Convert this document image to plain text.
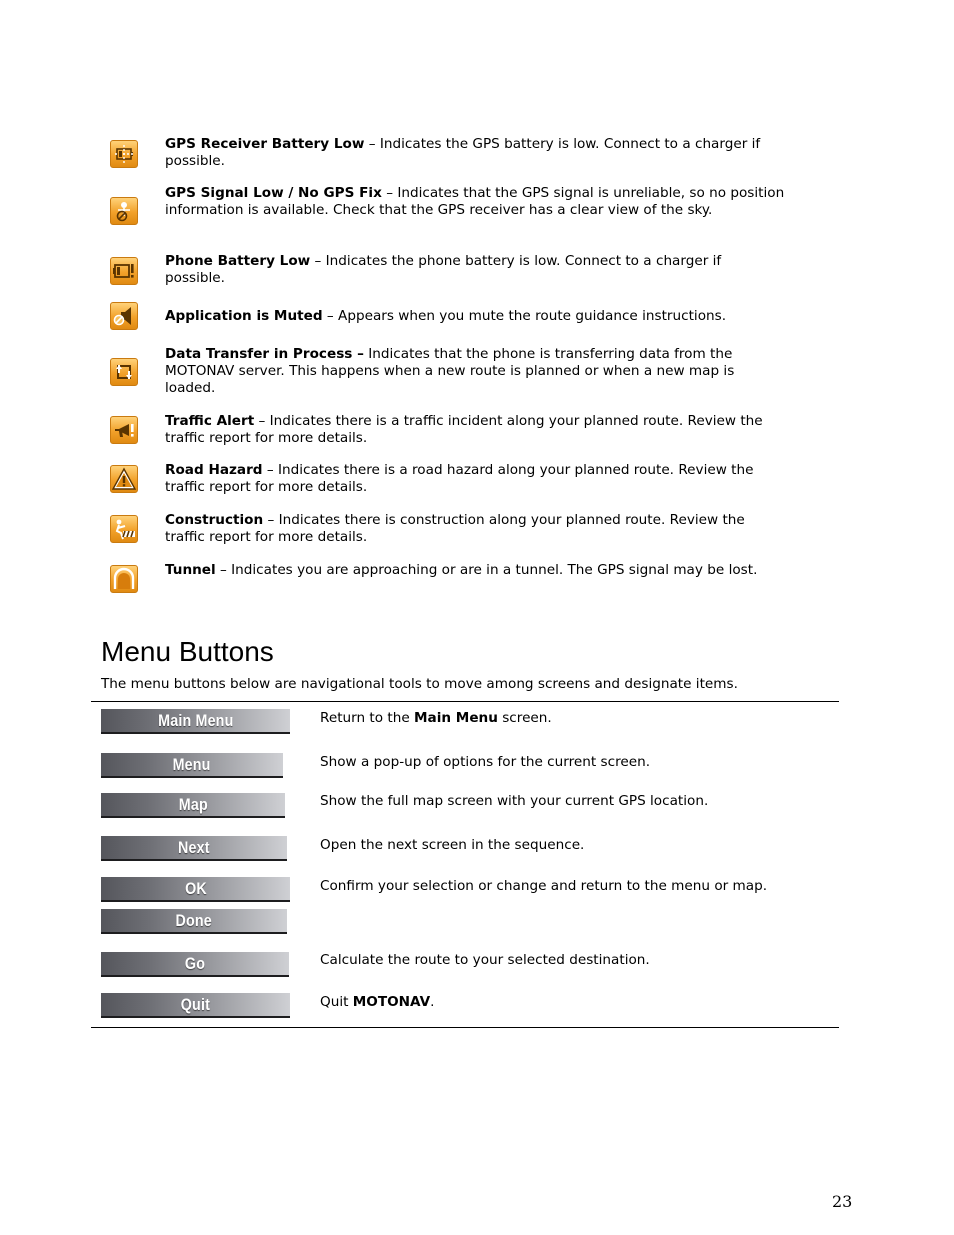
GPS Receiver Battery Low – Indicates the GPS battery is low. Connect to a charger if possible.
GPS Signal Low / No GPS Fix – Indicates that the GPS signal is unreliable, so no position information is available. Check that the GPS receiver has a clear view of the sky.
Phone Battery Low – Indicates the phone battery is low. Connect to a charger if possible.
Application is Muted – Appears when you mute the route guidance instructions.
Data Transfer in Process – Indicates that the phone is transferring data from the MOTONAV server. This happens when a new route is planned or when a new map is loaded.
Traffic Alert – Indicates there is a traffic incident along your planned route. Review the traffic report for more details.
Road Hazard – Indicates there is a road hazard along your planned route. Review the traffic report for more details.
Construction – Indicates there is construction along your planned route. Review the traffic report for more details.
Tunnel – Indicates you are approaching or are in a tunnel. The GPS signal may be lost.
Menu Buttons

The menu buttons below are navigational tools to move among screens and designate items.

Main Menu	Return to the Main Menu screen.
Menu	Show a pop-up of options for the current screen.
Map	Show the full map screen with your current GPS location.
Next	Open the next screen in the sequence.
OK	Confirm your selection or change and return to the menu or map.
Done
Go	Calculate the route to your selected destination.
Quit	Quit MOTONAV.
23
